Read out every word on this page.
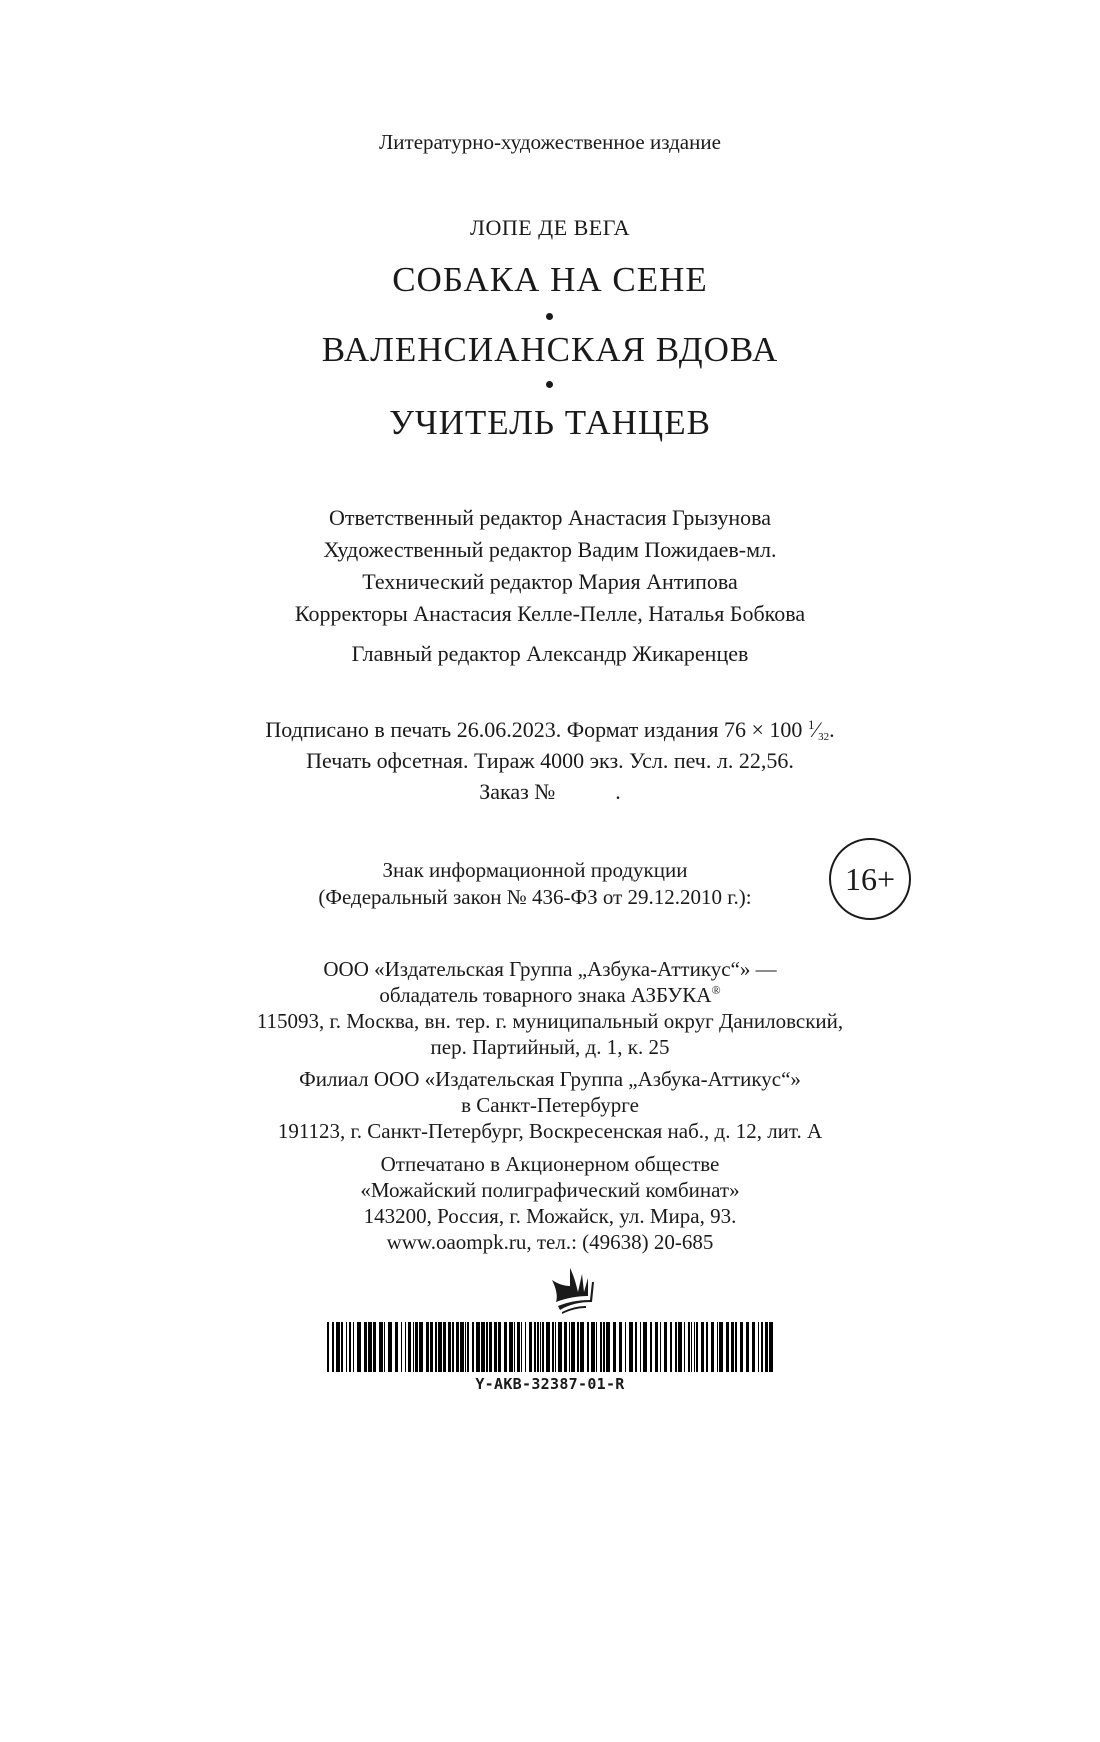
Литературно-художественное издание
ЛОПЕ ДЕ ВЕГА
СОБАКА НА СЕНЕ
ВАЛЕНСИАНСКАЯ ВДОВА
УЧИТЕЛЬ ТАНЦЕВ
Ответственный редактор Анастасия Грызунова
Художественный редактор Вадим Пожидаев-мл.
Технический редактор Мария Антипова
Корректоры Анастасия Келле-Пелле, Наталья Бобкова
Главный редактор Александр Жикаренцев
Подписано в печать 26.06.2023. Формат издания 76 × 100 $^1⁄_{32}$.
Печать офсетная. Тираж 4000 экз. Усл. печ. л. 22,56.
Заказ №	.
Знак информационной продукции
(Федеральный закон № 436-ФЗ от 29.12.2010 г.):
16+
ООО «Издательская Группа „Азбука-Аттикус“» —
обладатель товарного знака АЗБУКА®
115093, г. Москва, вн. тер. г. муниципальный округ Даниловский,
пер. Партийный, д. 1, к. 25
Филиал ООО «Издательская Группа „Азбука-Аттикус“»
в Санкт-Петербурге
191123, г. Санкт-Петербург, Воскресенская наб., д. 12, лит. А
Отпечатано в Акционерном обществе
«Можайский полиграфический комбинат»
143200, Россия, г. Можайск, ул. Мира, 93.
www.oaompk.ru, тел.: (49638) 20-685
Y-AKB-32387-01-R
